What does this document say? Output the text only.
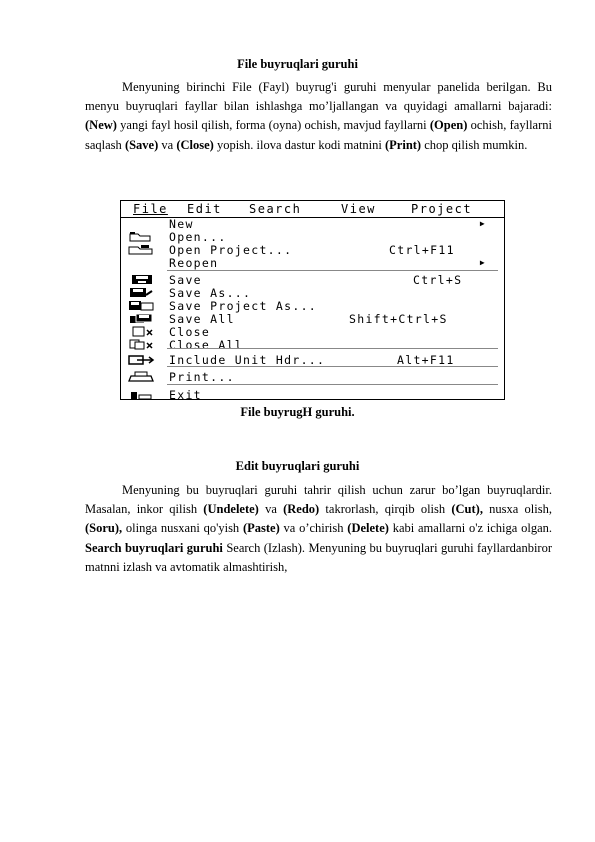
File buyruqlari guruhi
Menyuning birinchi File (Fayl) buyrug'i guruhi menyular panelida berilgan. Bu menyu buyruqlari fayllar bilan ishlashga mo’ljallangan va quyidagi amallarni bajaradi: (New) yangi fayl hosil qilish, forma (oyna) ochish, mavjud fayllarni (Open) ochish, fayllarni saqlash (Save) va (Close) yopish. ilova dastur kodi matnini (Print) chop qilish mumkin.
File Edit Search	View	Project
New	▶
Open...
Open Project...	Ctrl+F11
Reopen	▶
Save	Ctrl+S
Save As...
Save Project As...
Save All	Shift+Ctrl+S
Close
Close All
Include Unit Hdr...	Alt+F11
Print...
Exit
File buyrugH guruhi.
Edit buyruqlari guruhi
Menyuning bu buyruqlari guruhi tahrir qilish uchun zarur bo’lgan buyruqlardir. Masalan, inkor qilish (Undelete) va (Redo) takrorlash, qirqib olish (Cut), nusxa olish, (Soru), olinga nusxani qo'yish (Paste) va o’chirish (Delete) kabi amallarni o'z ichiga olgan. Search buyruqlari guruhi Search (Izlash). Menyuning bu buyruqlari guruhi fayllardanbiror matnni izlash va avtomatik almashtirish,
